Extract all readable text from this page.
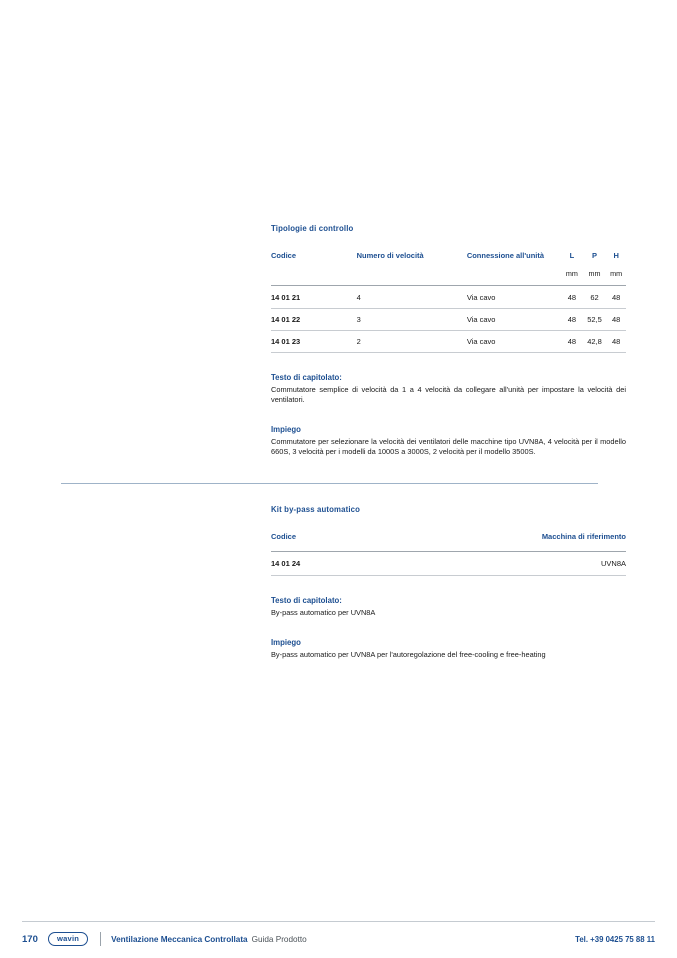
Tipologie di controllo

Codice	Numero di velocità	Connessione all'unità	L	P	H
			mm	mm	mm

14 01 21	4	Via cavo	48	62	48
14 01 22	3	Via cavo	48	52,5	48
14 01 23	2	Via cavo	48	42,8	48

Testo di capitolato:

Commutatore semplice di velocità da 1 a 4 velocità da collegare all'unità per impostare la velocità dei ventilatori.

Impiego

Commutatore per selezionare la velocità dei ventilatori delle macchine tipo UVN8A, 4 velocità per il modello 660S, 3 velocità per i modelli da 1000S a 3000S, 2 velocità per il modello 3500S.

Kit by-pass automatico

Codice	Macchina di riferimento
14 01 24	UVN8A

Testo di capitolato:

By-pass automatico per UVN8A

Impiego

By-pass automatico per UVN8A per l'autoregolazione del free-cooling e free-heating

170	wavin	Ventilazione Meccanica Controllata Guida Prodotto	Tel. +39 0425 75 88 11
